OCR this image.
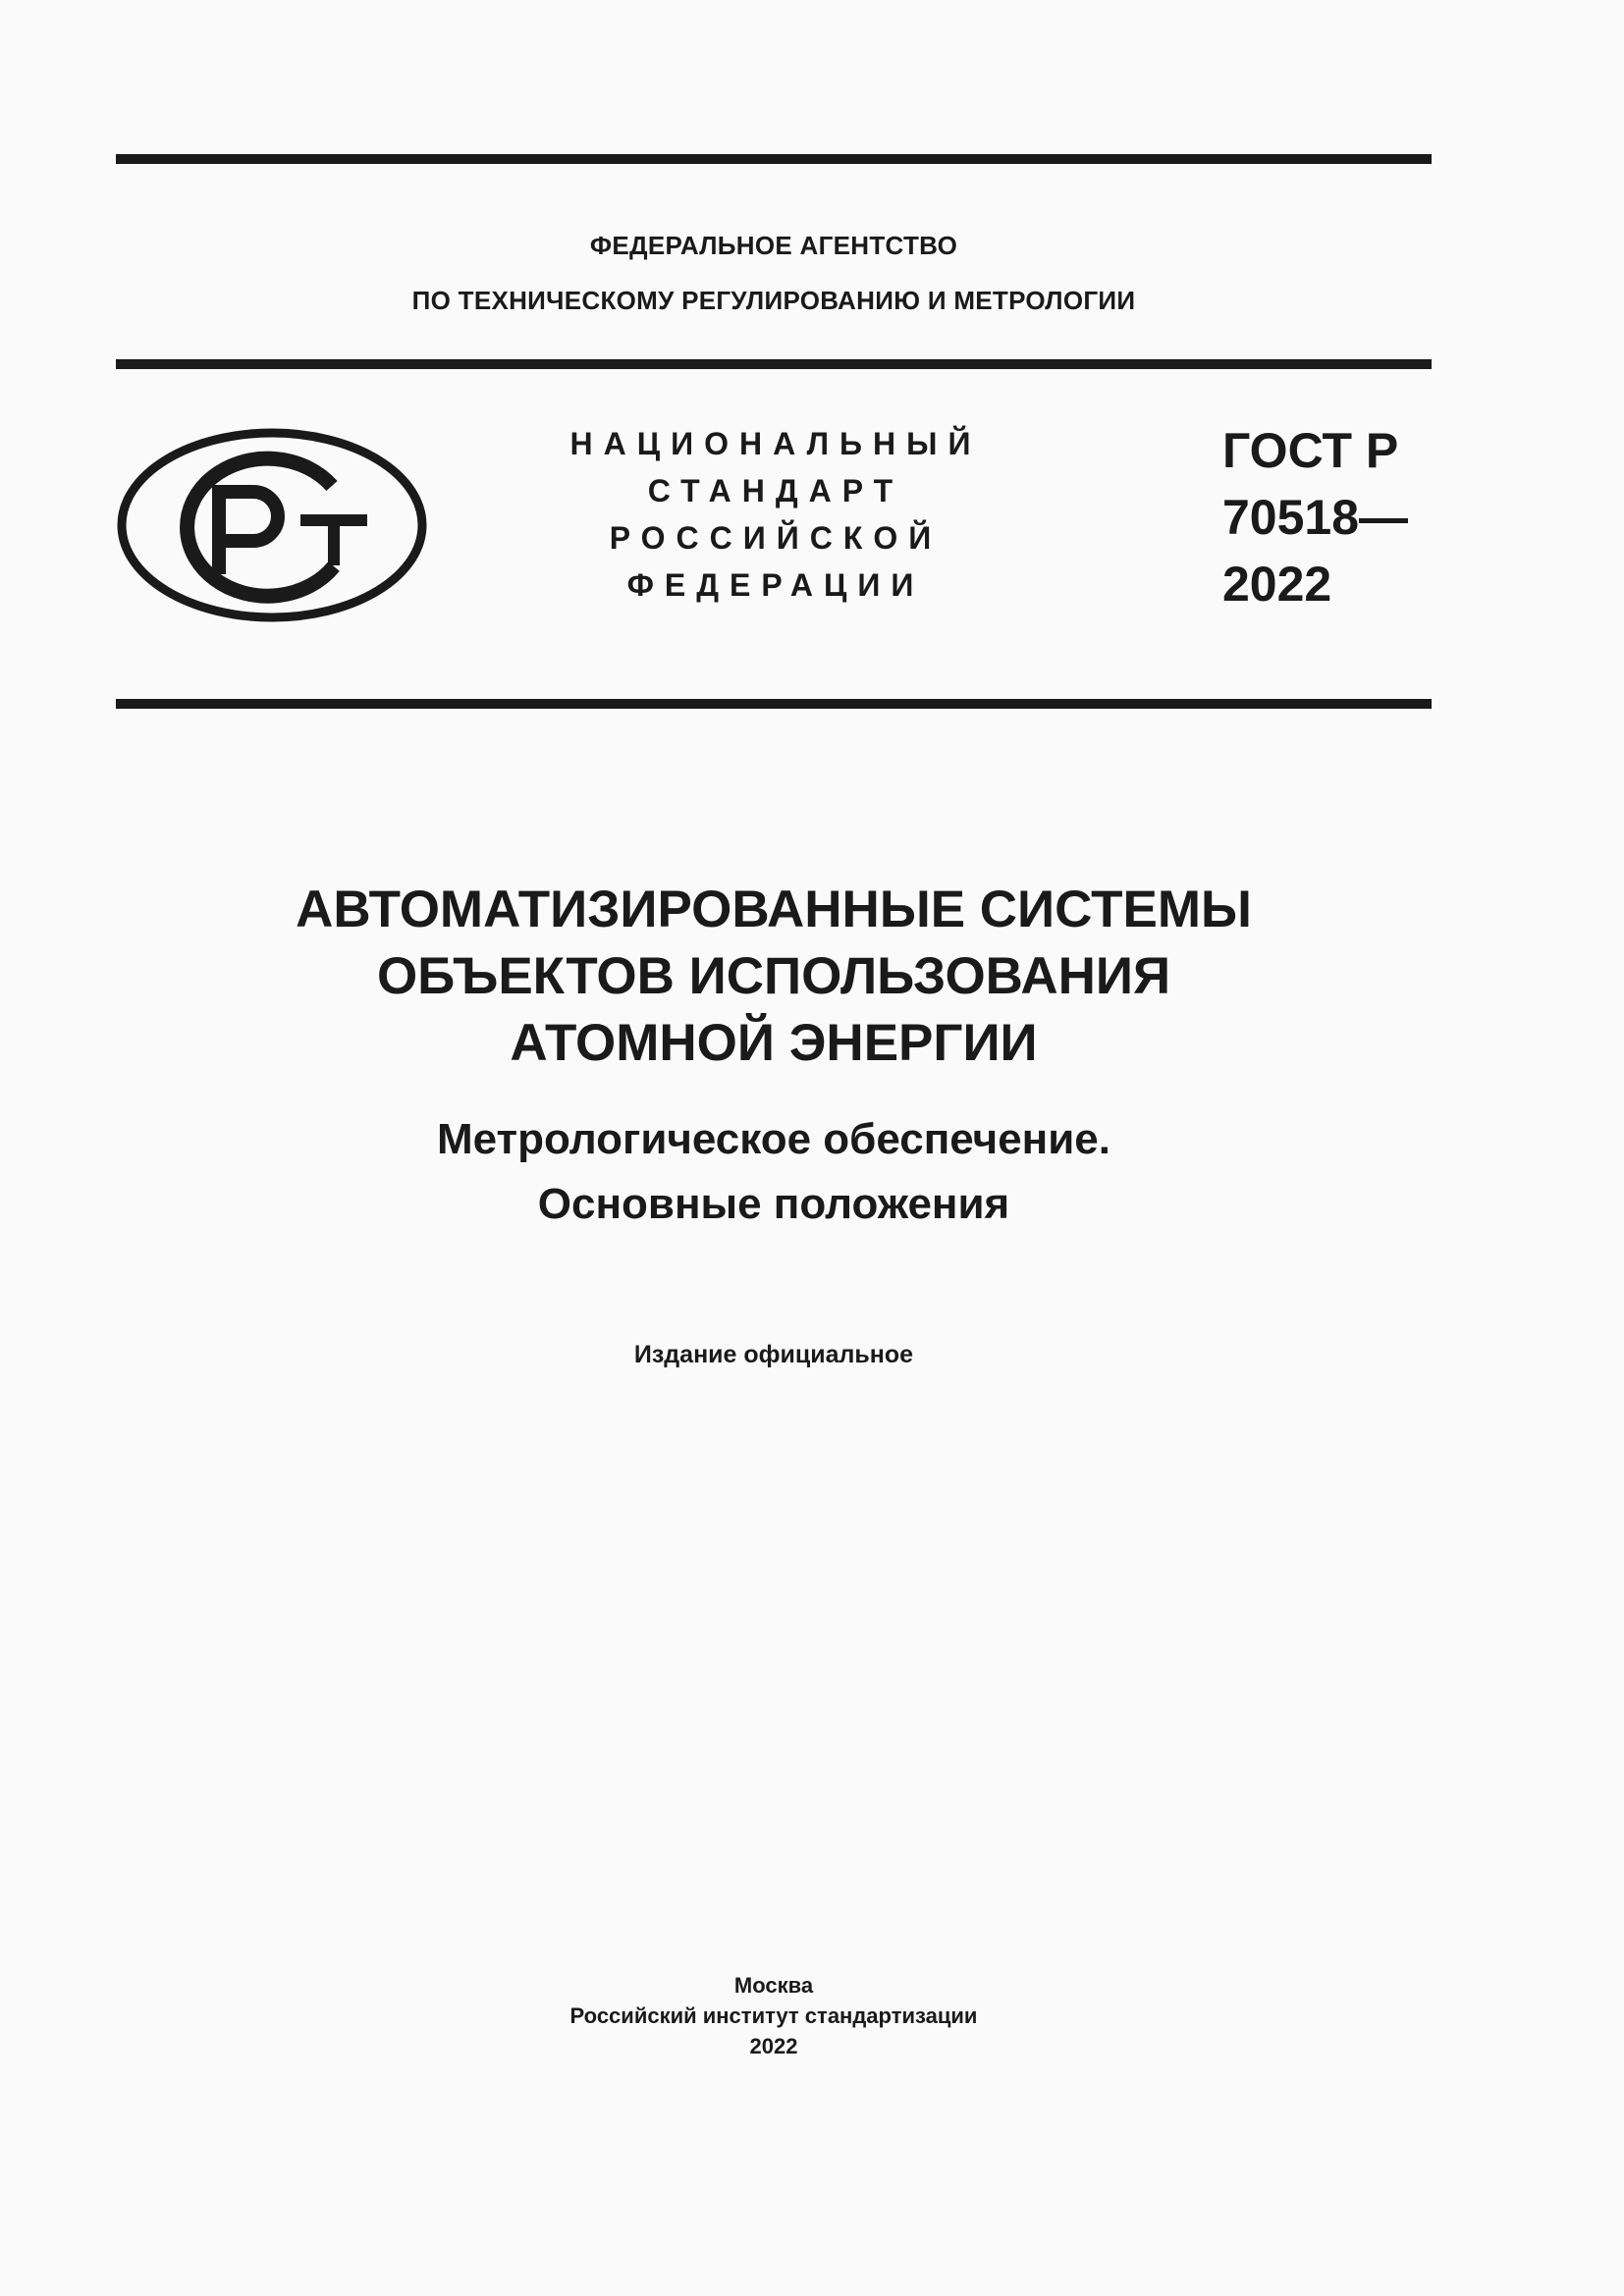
ФЕДЕРАЛЬНОЕ АГЕНТСТВО
ПО ТЕХНИЧЕСКОМУ РЕГУЛИРОВАНИЮ И МЕТРОЛОГИИ
НАЦИОНАЛЬНЫЙ
СТАНДАРТ
РОССИЙСКОЙ
ФЕДЕРАЦИИ
ГОСТ Р
70518—
2022
АВТОМАТИЗИРОВАННЫЕ СИСТЕМЫ
ОБЪЕКТОВ ИСПОЛЬЗОВАНИЯ
АТОМНОЙ ЭНЕРГИИ
Метрологическое обеспечение.
Основные положения
Издание официальное
Москва
Российский институт стандартизации
2022
